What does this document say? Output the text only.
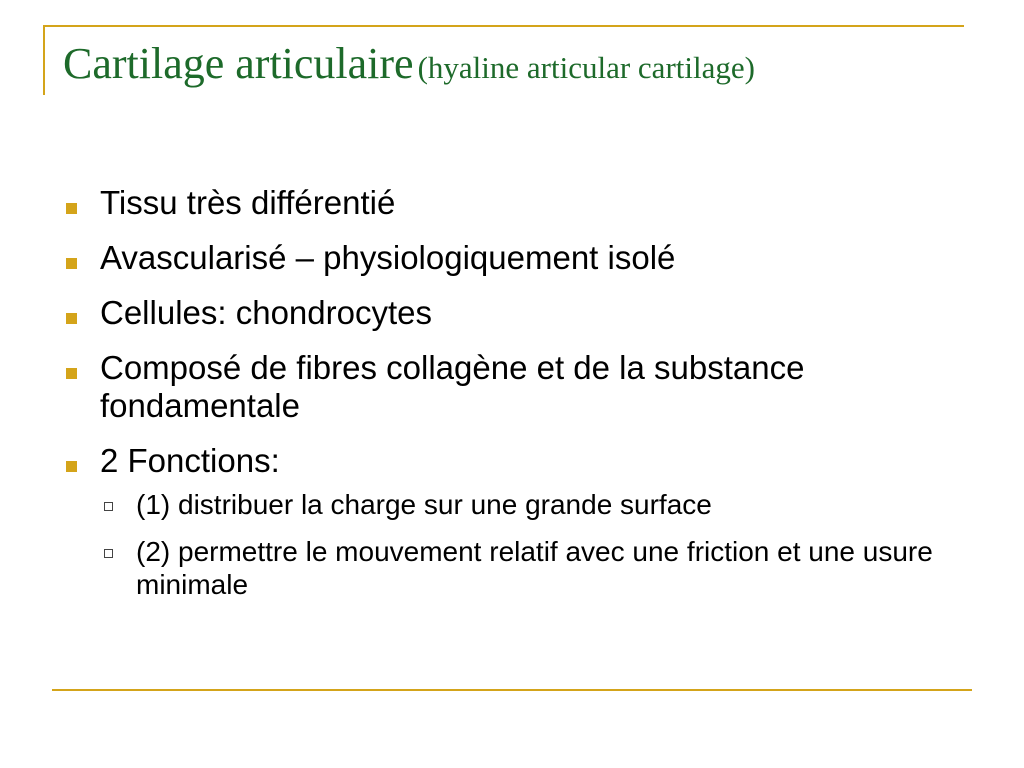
Cartilage articulaire (hyaline articular cartilage)
Tissu très différentié
Avascularisé – physiologiquement isolé
Cellules: chondrocytes
Composé de fibres collagène et de la substance fondamentale
2 Fonctions:
(1) distribuer la charge sur une grande surface
(2) permettre le mouvement relatif avec une friction et une usure minimale
